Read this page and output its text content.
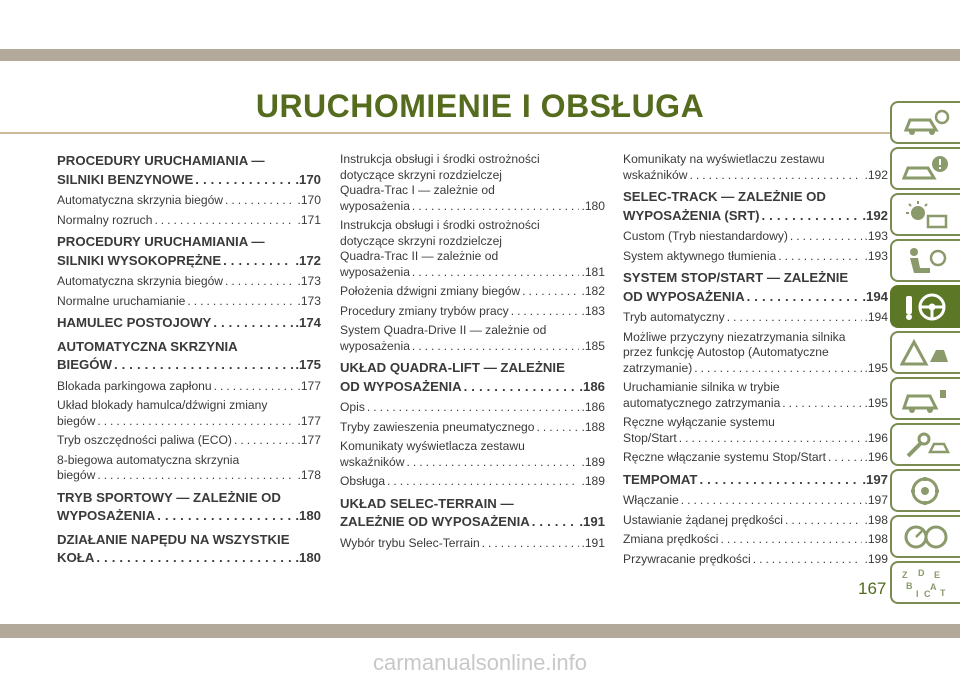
URUCHOMIENIE I OBSŁUGA
PROCEDURY URUCHAMIANIA —
SILNIKI BENZYNOWE .....	.170
Automatyczna skrzynia biegów .....	.170
Normalny rozruch .....	.171
PROCEDURY URUCHAMIANIA —
SILNIKI WYSOKOPRĘŻNE .....	.172
Automatyczna skrzynia biegów .....	.173
Normalne uruchamianie .....	.173
HAMULEC POSTOJOWY .....	.174
AUTOMATYCZNA SKRZYNIA
BIEGÓW .....	.175
Blokada parkingowa zapłonu .....	.177
Układ blokady hamulca/dźwigni zmiany
biegów .....	.177
Tryb oszczędności paliwa (ECO) .....	.177
8-biegowa automatyczna skrzynia
biegów .....	.178
TRYB SPORTOWY — ZALEŻNIE OD
WYPOSAŻENIA .....	.180
DZIAŁANIE NAPĘDU NA WSZYSTKIE
KOŁA .....	.180
Instrukcja obsługi i środki ostrożności
dotyczące skrzyni rozdzielczej
Quadra-Trac I — zależnie od
wyposażenia .....	.180
Instrukcja obsługi i środki ostrożności
dotyczące skrzyni rozdzielczej
Quadra-Trac II — zależnie od
wyposażenia .....	.181
Położenia dźwigni zmiany biegów .....	.182
Procedury zmiany trybów pracy .....	.183
System Quadra-Drive II — zależnie od
wyposażenia .....	.185
UKŁAD QUADRA-LIFT — ZALEŻNIE
OD WYPOSAŻENIA .....	.186
Opis .....	.186
Tryby zawieszenia pneumatycznego .....	.188
Komunikaty wyświetlacza zestawu
wskaźników .....	.189
Obsługa .....	.189
UKŁAD SELEC-TERRAIN —
ZALEŻNIE OD WYPOSAŻENIA .....	.191
Wybór trybu Selec-Terrain .....	.191
Komunikaty na wyświetlaczu zestawu
wskaźników .....	.192
SELEC-TRACK — ZALEŻNIE OD
WYPOSAŻENIA (SRT) .....	.192
Custom (Tryb niestandardowy) .....	.193
System aktywnego tłumienia .....	.193
SYSTEM STOP/START — ZALEŻNIE
OD WYPOSAŻENIA .....	.194
Tryb automatyczny .....	.194
Możliwe przyczyny niezatrzymania silnika
przez funkcję Autostop (Automatyczne
zatrzymanie) .....	.195
Uruchamianie silnika w trybie
automatycznego zatrzymania .....	.195
Ręczne wyłączanie systemu
Stop/Start .....	.196
Ręczne włączanie systemu Stop/Start .....	.196
TEMPOMAT .....	.197
Włączanie .....	.197
Ustawianie żądanej prędkości .....	.198
Zmiana prędkości .....	.198
Przywracanie prędkości .....	.199
Z D E
B A
I C T
167
carmanualsonline.info
